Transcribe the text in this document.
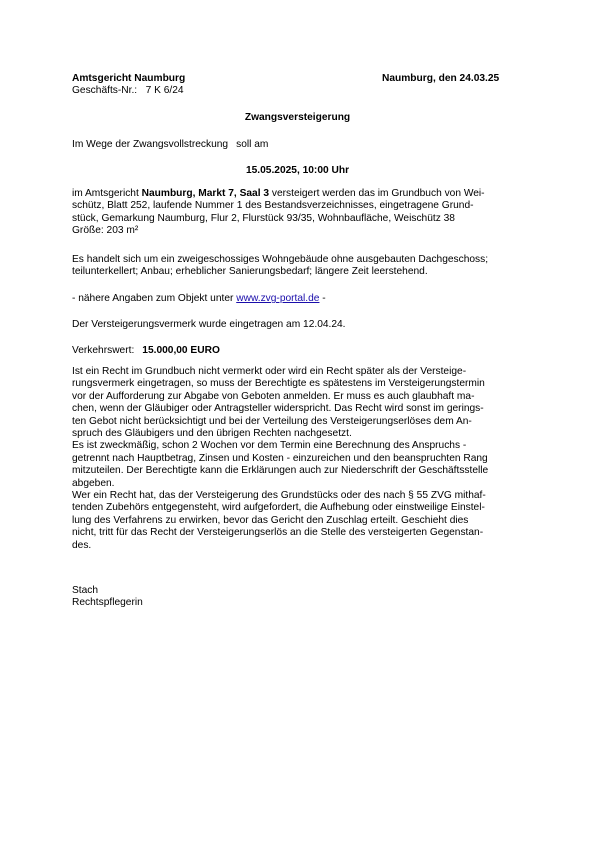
Amtsgericht Naumburg
Geschäfts-Nr.:   7 K 6/24
Naumburg, den 24.03.25
Zwangsversteigerung
Im Wege der Zwangsvollstreckung soll am
15.05.2025, 10:00 Uhr
im Amtsgericht Naumburg, Markt 7, Saal 3 versteigert werden das im Grundbuch von Wei-
schütz, Blatt 252, laufende Nummer 1 des Bestandsverzeichnisses, eingetragene Grund-
stück, Gemarkung Naumburg, Flur 2, Flurstück 93/35, Wohnbaufläche, Weischütz 38
Größe: 203 m²
Es handelt sich um ein zweigeschossiges Wohngebäude ohne ausgebauten Dachgeschoss;
teilunterkellert; Anbau; erheblicher Sanierungsbedarf; längere Zeit leerstehend.
- nähere Angaben zum Objekt unter www.zvg-portal.de -
Der Versteigerungsvermerk wurde eingetragen am 12.04.24.
Verkehrswert: 15.000,00 EURO
Ist ein Recht im Grundbuch nicht vermerkt oder wird ein Recht später als der Versteige-
rungsvermerk eingetragen, so muss der Berechtigte es spätestens im Versteigerungstermin
vor der Aufforderung zur Abgabe von Geboten anmelden. Er muss es auch glaubhaft ma-
chen, wenn der Gläubiger oder Antragsteller widerspricht. Das Recht wird sonst im gerings-
ten Gebot nicht berücksichtigt und bei der Verteilung des Versteigerungserlöses dem An-
spruch des Gläubigers und den übrigen Rechten nachgesetzt.
Es ist zweckmäßig, schon 2 Wochen vor dem Termin eine Berechnung des Anspruchs -
getrennt nach Hauptbetrag, Zinsen und Kosten - einzureichen und den beanspruchten Rang
mitzuteilen. Der Berechtigte kann die Erklärungen auch zur Niederschrift der Geschäftsstelle
abgeben.
Wer ein Recht hat, das der Versteigerung des Grundstücks oder des nach § 55 ZVG mithaf-
tenden Zubehörs entgegensteht, wird aufgefordert, die Aufhebung oder einstweilige Einstel-
lung des Verfahrens zu erwirken, bevor das Gericht den Zuschlag erteilt. Geschieht dies
nicht, tritt für das Recht der Versteigerungserlös an die Stelle des versteigerten Gegenstan-
des.
Stach
Rechtspflegerin
